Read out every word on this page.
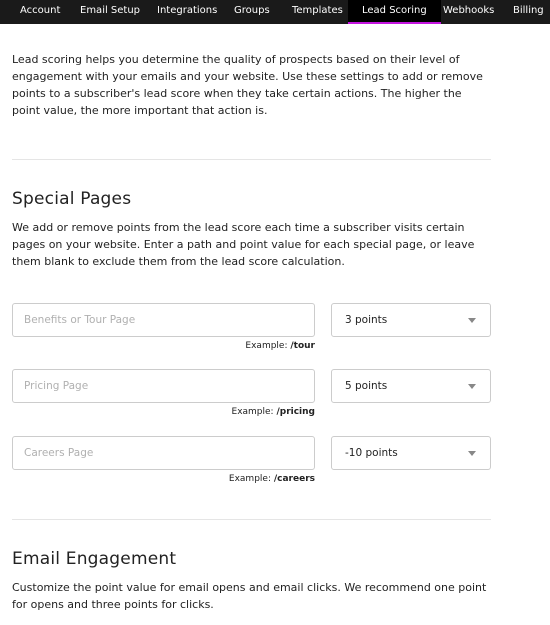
Account Email Setup Integrations Groups Templates	Lead Scoring	Webhooks Billing

Lead scoring helps you determine the quality of prospects based on their level of engagement with your emails and your website. Use these settings to add or remove points to a subscriber's lead score when they take certain actions. The higher the point value, the more important that action is.

Special Pages

We add or remove points from the lead score each time a subscriber visits certain pages on your website. Enter a path and point value for each special page, or leave them blank to exclude them from the lead score calculation.

Benefits or Tour Page
3 points
Example: /tour
Pricing Page
5 points
Example: /pricing
Careers Page
-10 points
Example: /careers
Email Engagement

Customize the point value for email opens and email clicks. We recommend one point for opens and three points for clicks.
